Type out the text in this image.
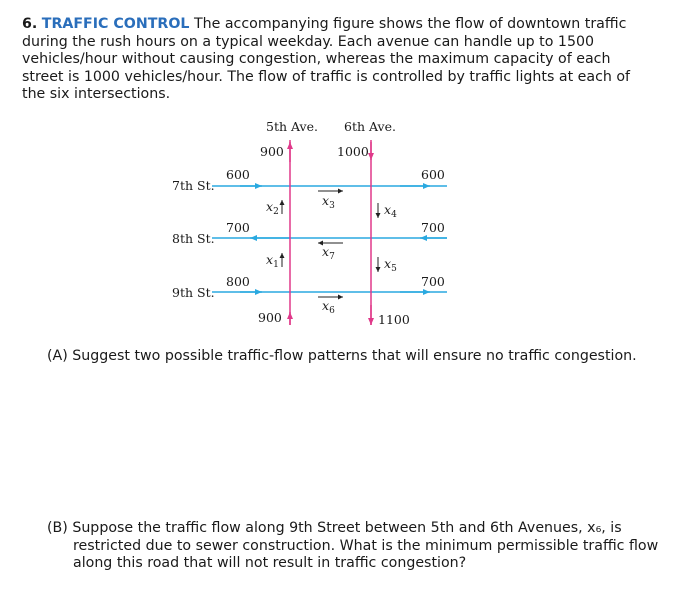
6. TRAFFIC CONTROL The accompanying figure shows the flow of downtown traffic during the rush hours on a typical weekday. Each avenue can handle up to 1500 vehicles/hour without causing congestion, whereas the maximum capacity of each street is 1000 vehicles/hour. The flow of traffic is controlled by traffic lights at each of the six intersections.
5th Ave. 6th Ave.
7th St.
8th St.
9th St.
900	1000
600	600
700	700
800	700
900	1100
$x_2$
$x_1$
$x_3$
$x_7$
$x_6$
$x_4$
$x_5$
(A) Suggest two possible traffic-flow patterns that will ensure no traffic congestion.
(B) Suppose the traffic flow along 9th Street between 5th and 6th Avenues, x₆, is restricted due to sewer construction. What is the minimum permissible traffic flow along this road that will not result in traffic congestion?
